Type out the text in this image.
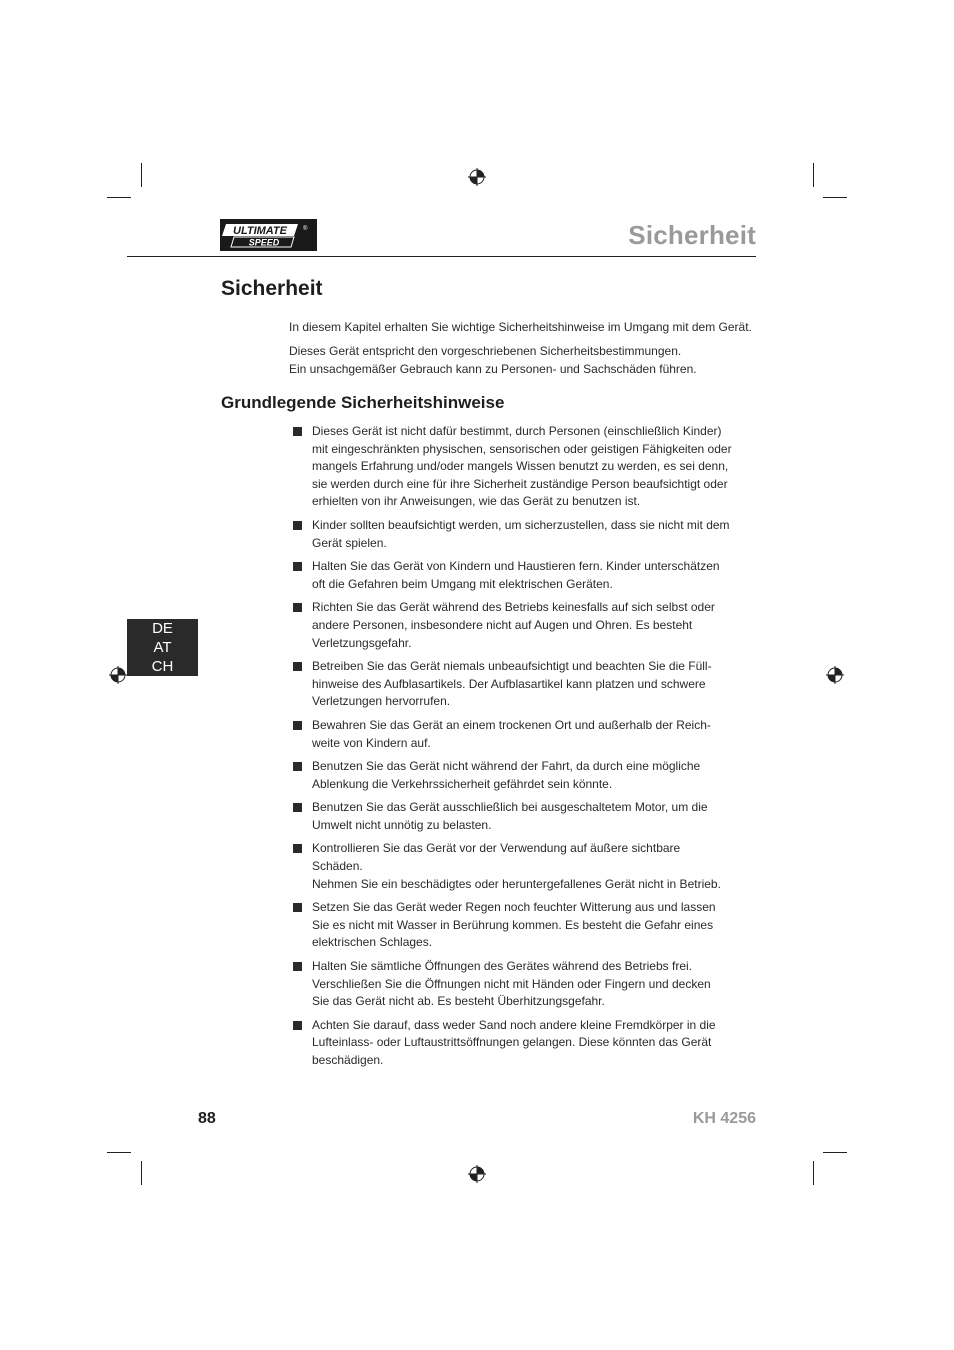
ULTIMATE
SPEED
®	Sicherheit
Sicherheit
In diesem Kapitel erhalten Sie wichtige Sicherheitshinweise im Umgang mit dem Gerät.
Dieses Gerät entspricht den vorgeschriebenen Sicherheitsbestimmungen.
Ein unsachgemäßer Gebrauch kann zu Personen- und Sachschäden führen.
Grundlegende Sicherheitshinweise
Dieses Gerät ist nicht dafür bestimmt, durch Personen (einschließlich Kinder)
mit eingeschränkten physischen, sensorischen oder geistigen Fähigkeiten oder
mangels Erfahrung und/oder mangels Wissen benutzt zu werden, es sei denn,
sie werden durch eine für ihre Sicherheit zuständige Person beaufsichtigt oder
erhielten von ihr Anweisungen, wie das Gerät zu benutzen ist.
Kinder sollten beaufsichtigt werden, um sicherzustellen, dass sie nicht mit dem
Gerät spielen.
Halten Sie das Gerät von Kindern und Haustieren fern. Kinder unterschätzen
oft die Gefahren beim Umgang mit elektrischen Geräten.
Richten Sie das Gerät während des Betriebs keinesfalls auf sich selbst oder
andere Personen, insbesondere nicht auf Augen und Ohren. Es besteht
Verletzungsgefahr.
Betreiben Sie das Gerät niemals unbeaufsichtigt und beachten Sie die Füll-
hinweise des Aufblasartikels. Der Aufblasartikel kann platzen und schwere
Verletzungen hervorrufen.
Bewahren Sie das Gerät an einem trockenen Ort und außerhalb der Reich-
weite von Kindern auf.
Benutzen Sie das Gerät nicht während der Fahrt, da durch eine mögliche
Ablenkung die Verkehrssicherheit gefährdet sein könnte.
Benutzen Sie das Gerät ausschließlich bei ausgeschaltetem Motor, um die
Umwelt nicht unnötig zu belasten.
Kontrollieren Sie das Gerät vor der Verwendung auf äußere sichtbare Schäden.
Nehmen Sie ein beschädigtes oder heruntergefallenes Gerät nicht in Betrieb.
Setzen Sie das Gerät weder Regen noch feuchter Witterung aus und lassen
Sie es nicht mit Wasser in Berührung kommen. Es besteht die Gefahr eines
elektrischen Schlages.
Halten Sie sämtliche Öffnungen des Gerätes während des Betriebs frei.
Verschließen Sie die Öffnungen nicht mit Händen oder Fingern und decken
Sie das Gerät nicht ab. Es besteht Überhitzungsgefahr.
Achten Sie darauf, dass weder Sand noch andere kleine Fremdkörper in die
Lufteinlass- oder Luftaustrittsöffnungen gelangen. Diese könnten das Gerät
beschädigen.
DE
AT
CH
88	KH 4256
